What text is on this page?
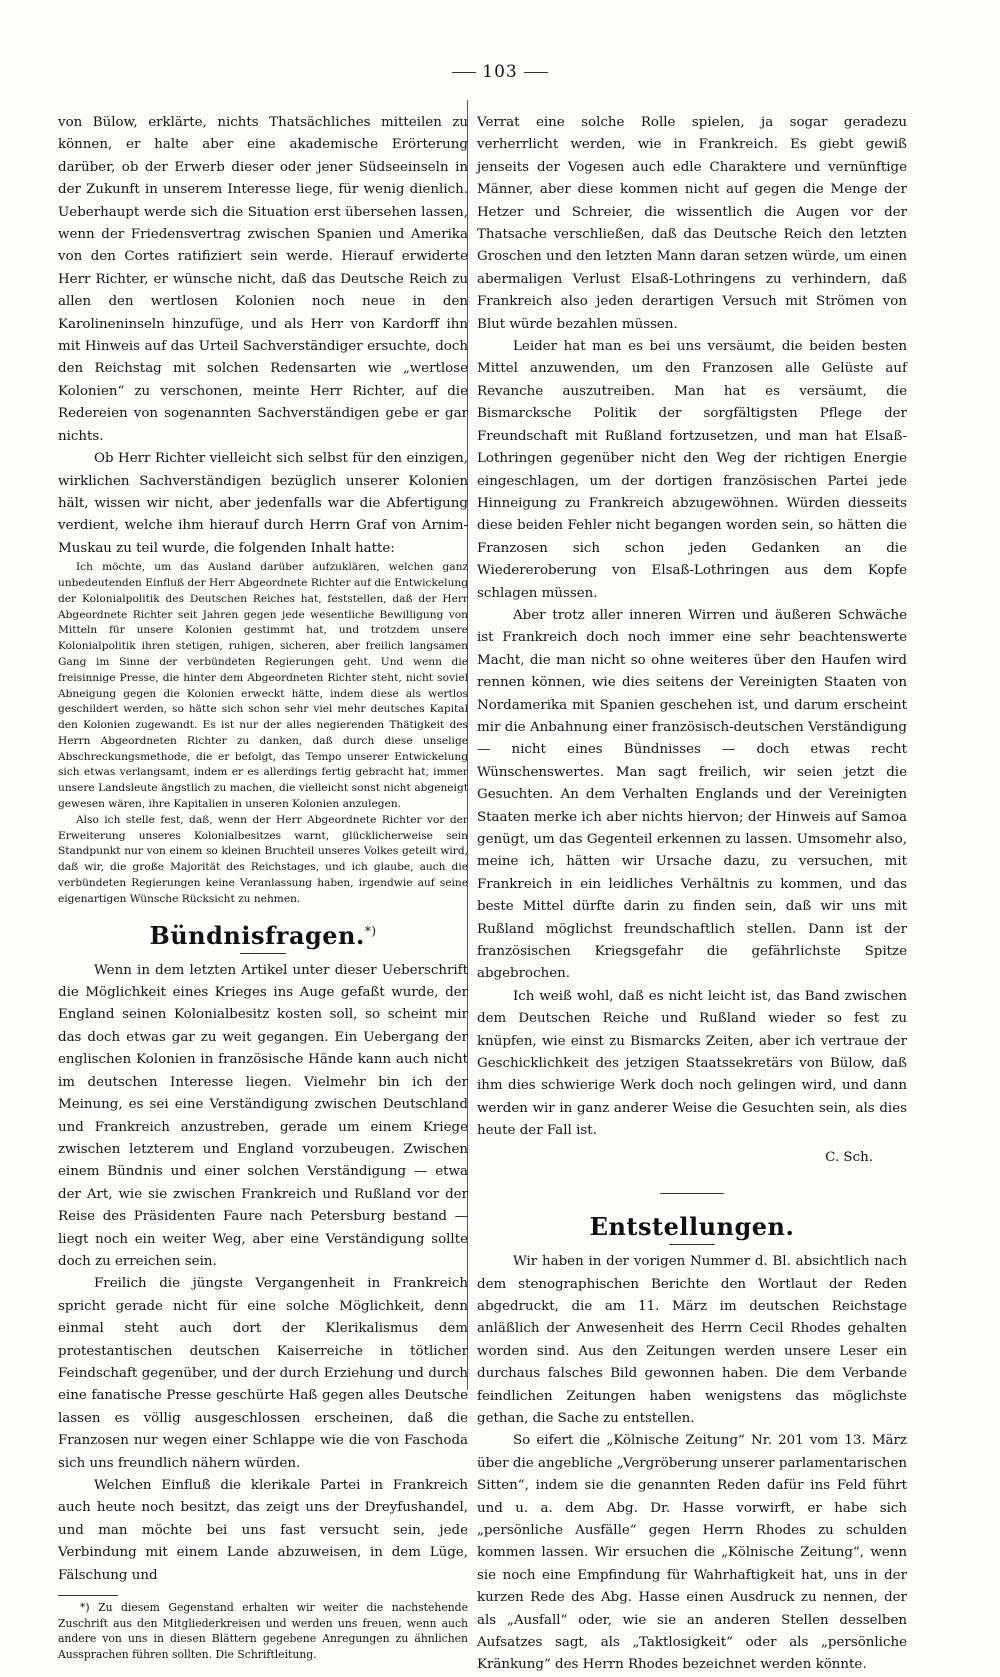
103

von Bülow, erklärte, nichts Thatsächliches mitteilen zu können, er halte aber eine akademische Erörterung darüber, ob der Erwerb dieser oder jener Südseeinseln in der Zukunft in unserem Interesse liege, für wenig dienlich. Ueberhaupt werde sich die Situation erst übersehen lassen, wenn der Friedensvertrag zwischen Spanien und Amerika von den Cortes ratifiziert sein werde. Hierauf erwiderte Herr Richter, er wünsche nicht, daß das Deutsche Reich zu allen den wertlosen Kolonien noch neue in den Karolineninseln hinzufüge, und als Herr von Kardorff ihn mit Hinweis auf das Urteil Sachverständiger ersuchte, doch den Reichstag mit solchen Redensarten wie „wertlose Kolonien“ zu verschonen, meinte Herr Richter, auf die Redereien von sogenannten Sachverständigen gebe er gar nichts.

Ob Herr Richter vielleicht sich selbst für den einzigen, wirklichen Sachverständigen bezüglich unserer Kolonien hält, wissen wir nicht, aber jedenfalls war die Abfertigung verdient, welche ihm hierauf durch Herrn Graf von Arnim-Muskau zu teil wurde, die folgenden Inhalt hatte:

Ich möchte, um das Ausland darüber aufzuklären, welchen ganz unbedeutenden Einfluß der Herr Abgeordnete Richter auf die Entwickelung der Kolonialpolitik des Deutschen Reiches hat, feststellen, daß der Herr Abgeordnete Richter seit Jahren gegen jede wesentliche Bewilligung von Mitteln für unsere Kolonien gestimmt hat, und trotzdem unsere Kolonialpolitik ihren stetigen, ruhigen, sicheren, aber freilich langsamen Gang im Sinne der verbündeten Regierungen geht. Und wenn die freisinnige Presse, die hinter dem Abgeordneten Richter steht, nicht soviel Abneigung gegen die Kolonien erweckt hätte, indem diese als wertlos geschildert werden, so hätte sich schon sehr viel mehr deutsches Kapital den Kolonien zugewandt. Es ist nur der alles negierenden Thätigkeit des Herrn Abgeordneten Richter zu danken, daß durch diese unselige Abschreckungsmethode, die er befolgt, das Tempo unserer Entwickelung sich etwas verlangsamt, indem er es allerdings fertig gebracht hat, immer unsere Landsleute ängstlich zu machen, die vielleicht sonst nicht abgeneigt gewesen wären, ihre Kapitalien in unseren Kolonien anzulegen.

Also ich stelle fest, daß, wenn der Herr Abgeordnete Richter vor der Erweiterung unseres Kolonialbesitzes warnt, glücklicherweise sein Standpunkt nur von einem so kleinen Bruchteil unseres Volkes geteilt wird, daß wir, die große Majorität des Reichstages, und ich glaube, auch die verbündeten Regierungen keine Veranlassung haben, irgendwie auf seine eigenartigen Wünsche Rücksicht zu nehmen.

Bündnisfragen.*)

Wenn in dem letzten Artikel unter dieser Ueberschrift die Möglichkeit eines Krieges ins Auge gefaßt wurde, der England seinen Kolonialbesitz kosten soll, so scheint mir das doch etwas gar zu weit gegangen. Ein Uebergang der englischen Kolonien in französische Hände kann auch nicht im deutschen Interesse liegen. Vielmehr bin ich der Meinung, es sei eine Verständigung zwischen Deutschland und Frankreich anzustreben, gerade um einem Kriege zwischen letzterem und England vorzubeugen. Zwischen einem Bündnis und einer solchen Verständigung — etwa der Art, wie sie zwischen Frankreich und Rußland vor der Reise des Präsidenten Faure nach Petersburg bestand — liegt noch ein weiter Weg, aber eine Verständigung sollte doch zu erreichen sein.

Freilich die jüngste Vergangenheit in Frankreich spricht gerade nicht für eine solche Möglichkeit, denn einmal steht auch dort der Klerikalismus dem protestantischen deutschen Kaiserreiche in tötlicher Feindschaft gegenüber, und der durch Erziehung und durch eine fanatische Presse geschürte Haß gegen alles Deutsche lassen es völlig ausgeschlossen erscheinen, daß die Franzosen nur wegen einer Schlappe wie die von Faschoda sich uns freundlich nähern würden.

Welchen Einfluß die klerikale Partei in Frankreich auch heute noch besitzt, das zeigt uns der Dreyfushandel, und man möchte bei uns fast versucht sein, jede Verbindung mit einem Lande abzuweisen, in dem Lüge, Fälschung und

*) Zu diesem Gegenstand erhalten wir weiter die nachstehende Zuschrift aus den Mitgliederkreisen und werden uns freuen, wenn auch andere von uns in diesen Blättern gegebene Anregungen zu ähnlichen Aussprachen führen sollten. Die Schriftleitung.

Verrat eine solche Rolle spielen, ja sogar geradezu verherrlicht werden, wie in Frankreich. Es giebt gewiß jenseits der Vogesen auch edle Charaktere und vernünftige Männer, aber diese kommen nicht auf gegen die Menge der Hetzer und Schreier, die wissentlich die Augen vor der Thatsache verschließen, daß das Deutsche Reich den letzten Groschen und den letzten Mann daran setzen würde, um einen abermaligen Verlust Elsaß-Lothringens zu verhindern, daß Frankreich also jeden derartigen Versuch mit Strömen von Blut würde bezahlen müssen.

Leider hat man es bei uns versäumt, die beiden besten Mittel anzuwenden, um den Franzosen alle Gelüste auf Revanche auszutreiben. Man hat es versäumt, die Bismarcksche Politik der sorgfältigsten Pflege der Freundschaft mit Rußland fortzusetzen, und man hat Elsaß-Lothringen gegenüber nicht den Weg der richtigen Energie eingeschlagen, um der dortigen französischen Partei jede Hinneigung zu Frankreich abzugewöhnen. Würden diesseits diese beiden Fehler nicht begangen worden sein, so hätten die Franzosen sich schon jeden Gedanken an die Wiedereroberung von Elsaß-Lothringen aus dem Kopfe schlagen müssen.

Aber trotz aller inneren Wirren und äußeren Schwäche ist Frankreich doch noch immer eine sehr beachtenswerte Macht, die man nicht so ohne weiteres über den Haufen wird rennen können, wie dies seitens der Vereinigten Staaten von Nordamerika mit Spanien geschehen ist, und darum erscheint mir die Anbahnung einer französisch-deutschen Verständigung — nicht eines Bündnisses — doch etwas recht Wünschenswertes. Man sagt freilich, wir seien jetzt die Gesuchten. An dem Verhalten Englands und der Vereinigten Staaten merke ich aber nichts hiervon; der Hinweis auf Samoa genügt, um das Gegenteil erkennen zu lassen. Umsomehr also, meine ich, hätten wir Ursache dazu, zu versuchen, mit Frankreich in ein leidliches Verhältnis zu kommen, und das beste Mittel dürfte darin zu finden sein, daß wir uns mit Rußland möglichst freundschaftlich stellen. Dann ist der französischen Kriegsgefahr die gefährlichste Spitze abgebrochen.

Ich weiß wohl, daß es nicht leicht ist, das Band zwischen dem Deutschen Reiche und Rußland wieder so fest zu knüpfen, wie einst zu Bismarcks Zeiten, aber ich vertraue der Geschicklichkeit des jetzigen Staatssekretärs von Bülow, daß ihm dies schwierige Werk doch noch gelingen wird, und dann werden wir in ganz anderer Weise die Gesuchten sein, als dies heute der Fall ist.

C. Sch.
Entstellungen.

Wir haben in der vorigen Nummer d. Bl. absichtlich nach dem stenographischen Berichte den Wortlaut der Reden abgedruckt, die am 11. März im deutschen Reichstage anläßlich der Anwesenheit des Herrn Cecil Rhodes gehalten worden sind. Aus den Zeitungen werden unsere Leser ein durchaus falsches Bild gewonnen haben. Die dem Verbande feindlichen Zeitungen haben wenigstens das möglichste gethan, die Sache zu entstellen.

So eifert die „Kölnische Zeitung“ Nr. 201 vom 13. März über die angebliche „Vergröberung unserer parlamentarischen Sitten“, indem sie die genannten Reden dafür ins Feld führt und u. a. dem Abg. Dr. Hasse vorwirft, er habe sich „persönliche Ausfälle“ gegen Herrn Rhodes zu schulden kommen lassen. Wir ersuchen die „Kölnische Zeitung“, wenn sie noch eine Empfindung für Wahrhaftigkeit hat, uns in der kurzen Rede des Abg. Hasse einen Ausdruck zu nennen, der als „Ausfall“ oder, wie sie an anderen Stellen desselben Aufsatzes sagt, als „Taktlosigkeit“ oder als „persönliche Kränkung“ des Herrn Rhodes bezeichnet werden könnte.
